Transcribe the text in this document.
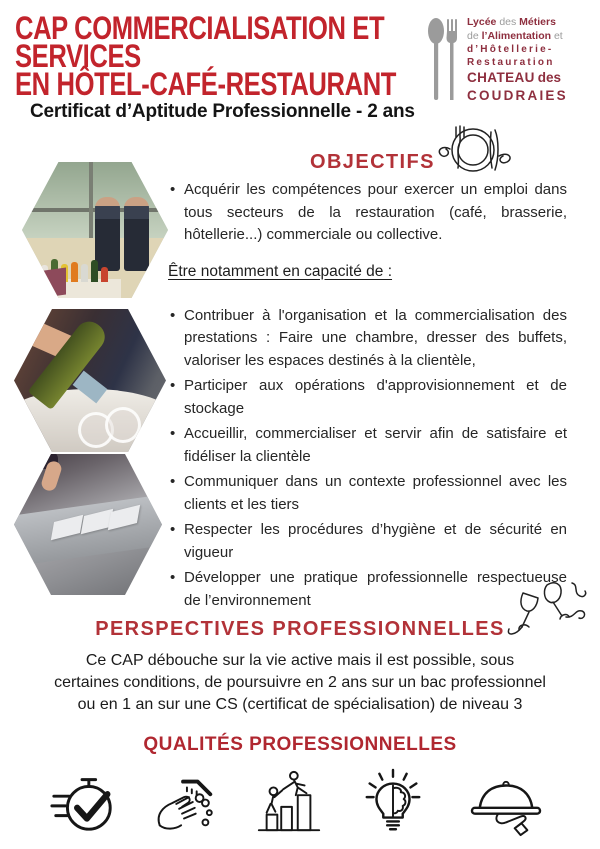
CAP COMMERCIALISATION ET
SERVICES
EN HÔTEL-CAFÉ-RESTAURANT
Lycée des Métiers
de l’Alimentation et
d’Hôtellerie-
Restauration
CHATEAU des
COUDRAIES
Certificat d’Aptitude Professionnelle - 2 ans
OBJECTIFS
• Acquérir les compétences pour exercer un emploi dans tous secteurs de la restauration (café, brasserie, hôtellerie...) commerciale ou collective.
Être notamment en capacité de :
• Contribuer à l'organisation et la commercialisation des prestations : Faire une chambre, dresser des buffets, valoriser les espaces destinés à la clientèle,
• Participer aux opérations d'approvisionnement et de stockage
• Accueillir, commercialiser et servir afin de satisfaire et fidéliser la clientèle
• Communiquer dans un contexte professionnel avec les clients et les tiers
• Respecter les procédures d’hygiène et de sécurité en vigueur
• Développer une pratique professionnelle respectueuse de l’environnement
PERSPECTIVES PROFESSIONNELLES
Ce CAP débouche sur la vie active mais il est possible, sous certaines conditions, de poursuivre en 2 ans sur un bac professionnel ou en 1 an sur une CS (certificat de spécialisation) de niveau 3
QUALITÉS PROFESSIONNELLES
